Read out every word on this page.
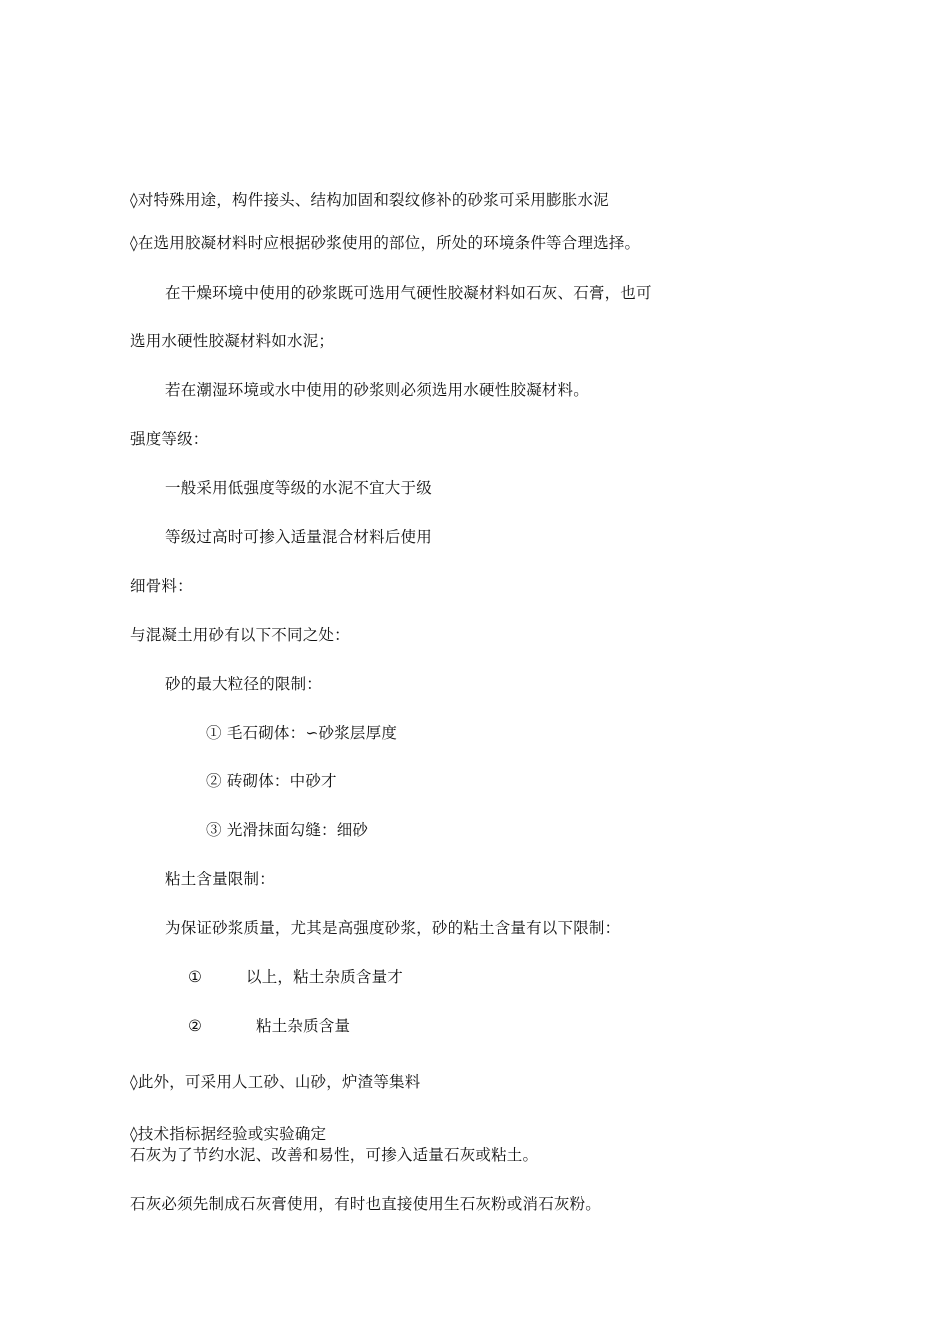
◊对特殊用途，构件接头、结构加固和裂纹修补的砂浆可采用膨胀水泥
◊在选用胶凝材料时应根据砂浆使用的部位，所处的环境条件等合理选择。
在干燥环境中使用的砂浆既可选用气硬性胶凝材料如石灰、石膏，也可
选用水硬性胶凝材料如水泥；
若在潮湿环境或水中使用的砂浆则必须选用水硬性胶凝材料。
强度等级：
一般采用低强度等级的水泥不宜大于级
等级过高时可掺入适量混合材料后使用
细骨料：
与混凝土用砂有以下不同之处：
砂的最大粒径的限制：
① 毛石砌体：∽砂浆层厚度
② 砖砌体：中砂才
③ 光滑抹面勾缝：细砂
粘土含量限制：
为保证砂浆质量，尤其是高强度砂浆，砂的粘土含量有以下限制：
①	以上，粘土杂质含量才
②	粘土杂质含量
◊此外，可采用人工砂、山砂，炉渣等集料
◊技术指标据经验或实验确定
石灰为了节约水泥、改善和易性，可掺入适量石灰或粘土。
石灰必须先制成石灰膏使用，有时也直接使用生石灰粉或消石灰粉。
